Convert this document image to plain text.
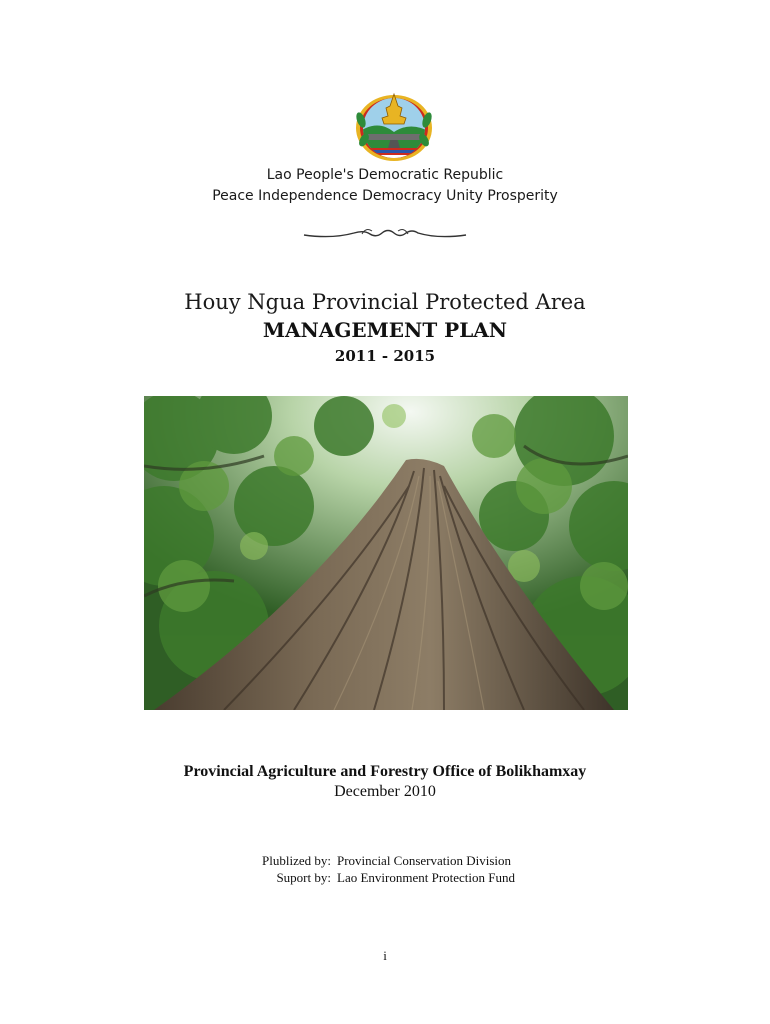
Lao People's Democratic Republic
Peace Independence Democracy Unity Prosperity
Houy Ngua Provincial Protected Area
MANAGEMENT PLAN
2011 - 2015
Provincial Agriculture and Forestry Office of Bolikhamxay
December 2010
Plublized by: Provincial Conservation Division
Suport by: Lao Environment Protection Fund
i
